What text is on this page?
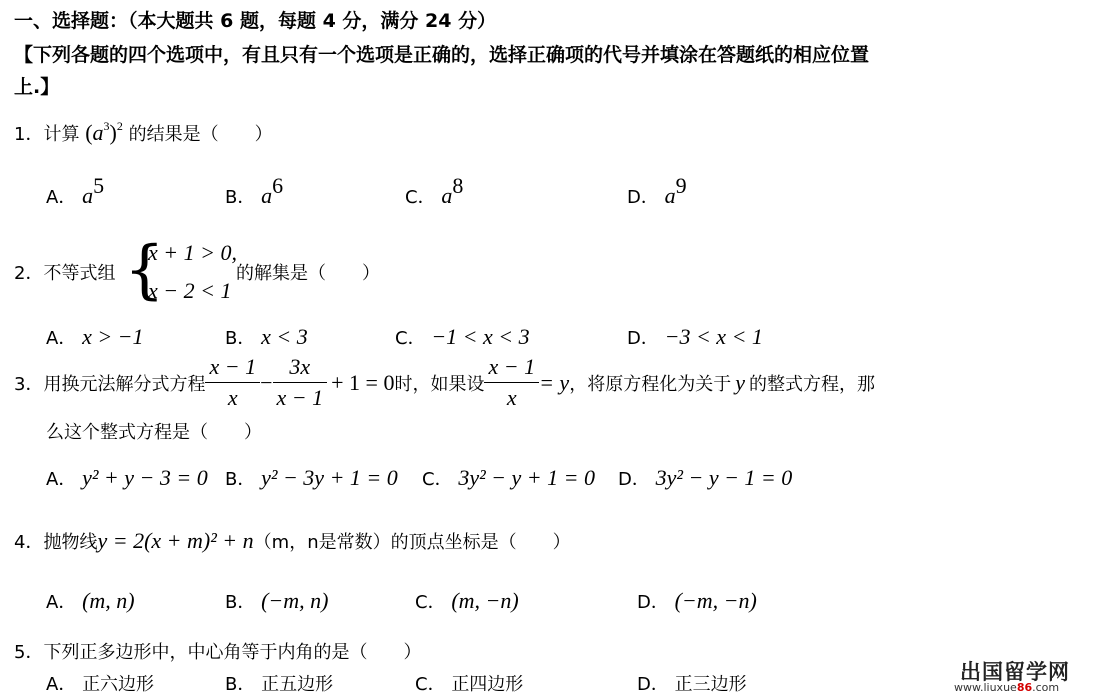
一、选择题：（本大题共 6 题，每题 4 分，满分 24 分）
【下列各题的四个选项中，有且只有一个选项是正确的，选择正确项的代号并填涂在答题纸的相应位置
上.】
1．计算 $(a^3)^2$ 的结果是（　　）
A． $a^5$	B． $a^6$	C． $a^8$	D． $a^9$
2．不等式组 {
x + 1 > 0,
x − 2 < 1
的解集是（　　）
A． x > −1	B． x < 3	C． −1 < x < 3	D． −3 < x < 1
3． 用换元法解分式方程 $\frac{x - 1}{x} - \frac{3x}{x - 1} + 1 = 0$ 时，如果设 $\frac{x - 1}{x} = y$ ，将原方程化为关于 y 的整式方程，那
么这个整式方程是（　　）
A． y² + y − 3 = 0 B． y² − 3y + 1 = 0 C． 3y² − y + 1 = 0 D． 3y² − y − 1 = 0
4．抛物线y = 2(x + m)² + n（m，n是常数）的顶点坐标是（　　）
A． (m, n)	B． (−m, n)	C． (m, −n)	D． (−m, −n)
5．下列正多边形中，中心角等于内角的是（　　）
A． 正六边形	B． 正五边形	C． 正四边形	D． 正三边形
出国留学网
www.liuxue86.com
